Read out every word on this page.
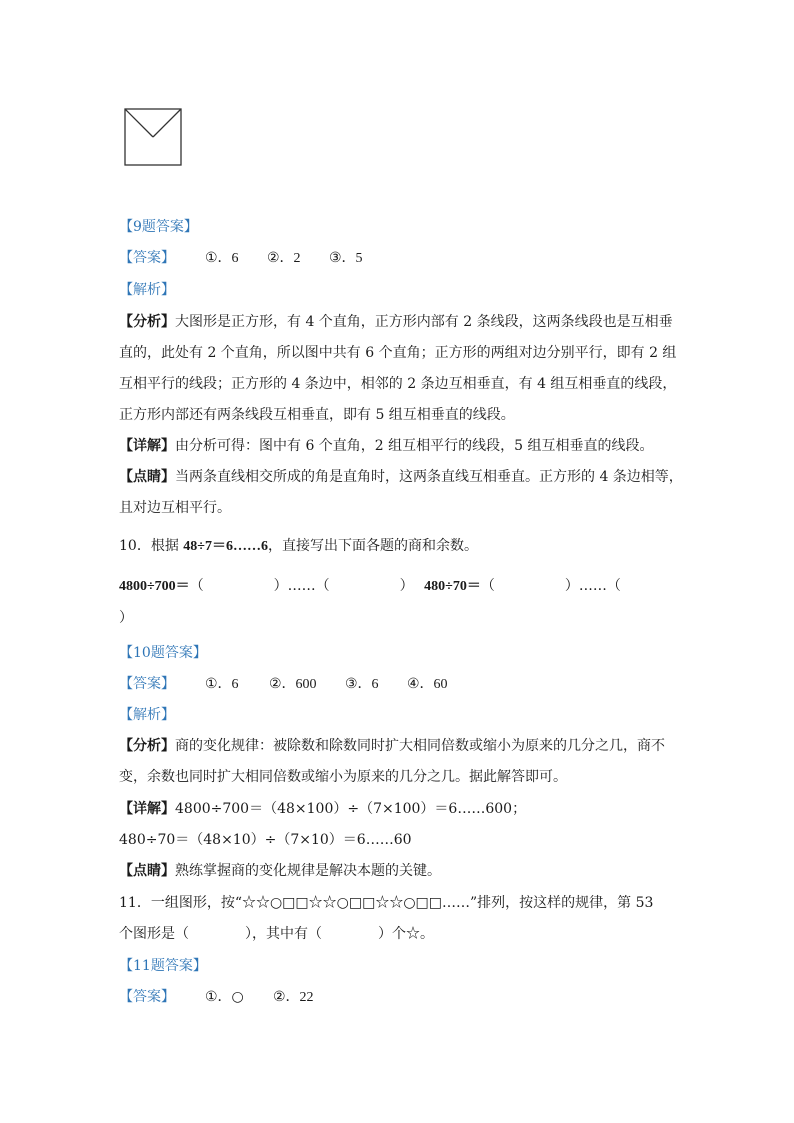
【9题答案】
【答案】 ①．6 ②．2 ③．5
【解析】
【分析】大图形是正方形，有 4 个直角，正方形内部有 2 条线段，这两条线段也是互相垂
直的，此处有 2 个直角，所以图中共有 6 个直角；正方形的两组对边分别平行，即有 2 组
互相平行的线段；正方形的 4 条边中，相邻的 2 条边互相垂直，有 4 组互相垂直的线段，
正方形内部还有两条线段互相垂直，即有 5 组互相垂直的线段。
【详解】由分析可得：图中有 6 个直角，2 组互相平行的线段，5 组互相垂直的线段。
【点睛】当两条直线相交所成的角是直角时，这两条直线互相垂直。正方形的 4 条边相等，
且对边互相平行。
10．根据 48÷7＝6……6，直接写出下面各题的商和余数。
4800÷700＝（　　　　　）……（　　　　　） 480÷70＝（　　　　　）……（
）
【10题答案】
【答案】 ①．6 ②．600 ③．6 ④．60
【解析】
【分析】商的变化规律：被除数和除数同时扩大相同倍数或缩小为原来的几分之几，商不
变，余数也同时扩大相同倍数或缩小为原来的几分之几。据此解答即可。
【详解】4800÷700＝（48×100）÷（7×100）＝6……600；
480÷70＝（48×10）÷（7×10）＝6……60
【点睛】熟练掌握商的变化规律是解决本题的关键。
11．一组图形，按“☆☆○□□☆☆○□□☆☆○□□……”排列，按这样的规律，第 53
个图形是（　　　　），其中有（　　　　）个☆。
【11题答案】
【答案】 ①．○ ②．22
